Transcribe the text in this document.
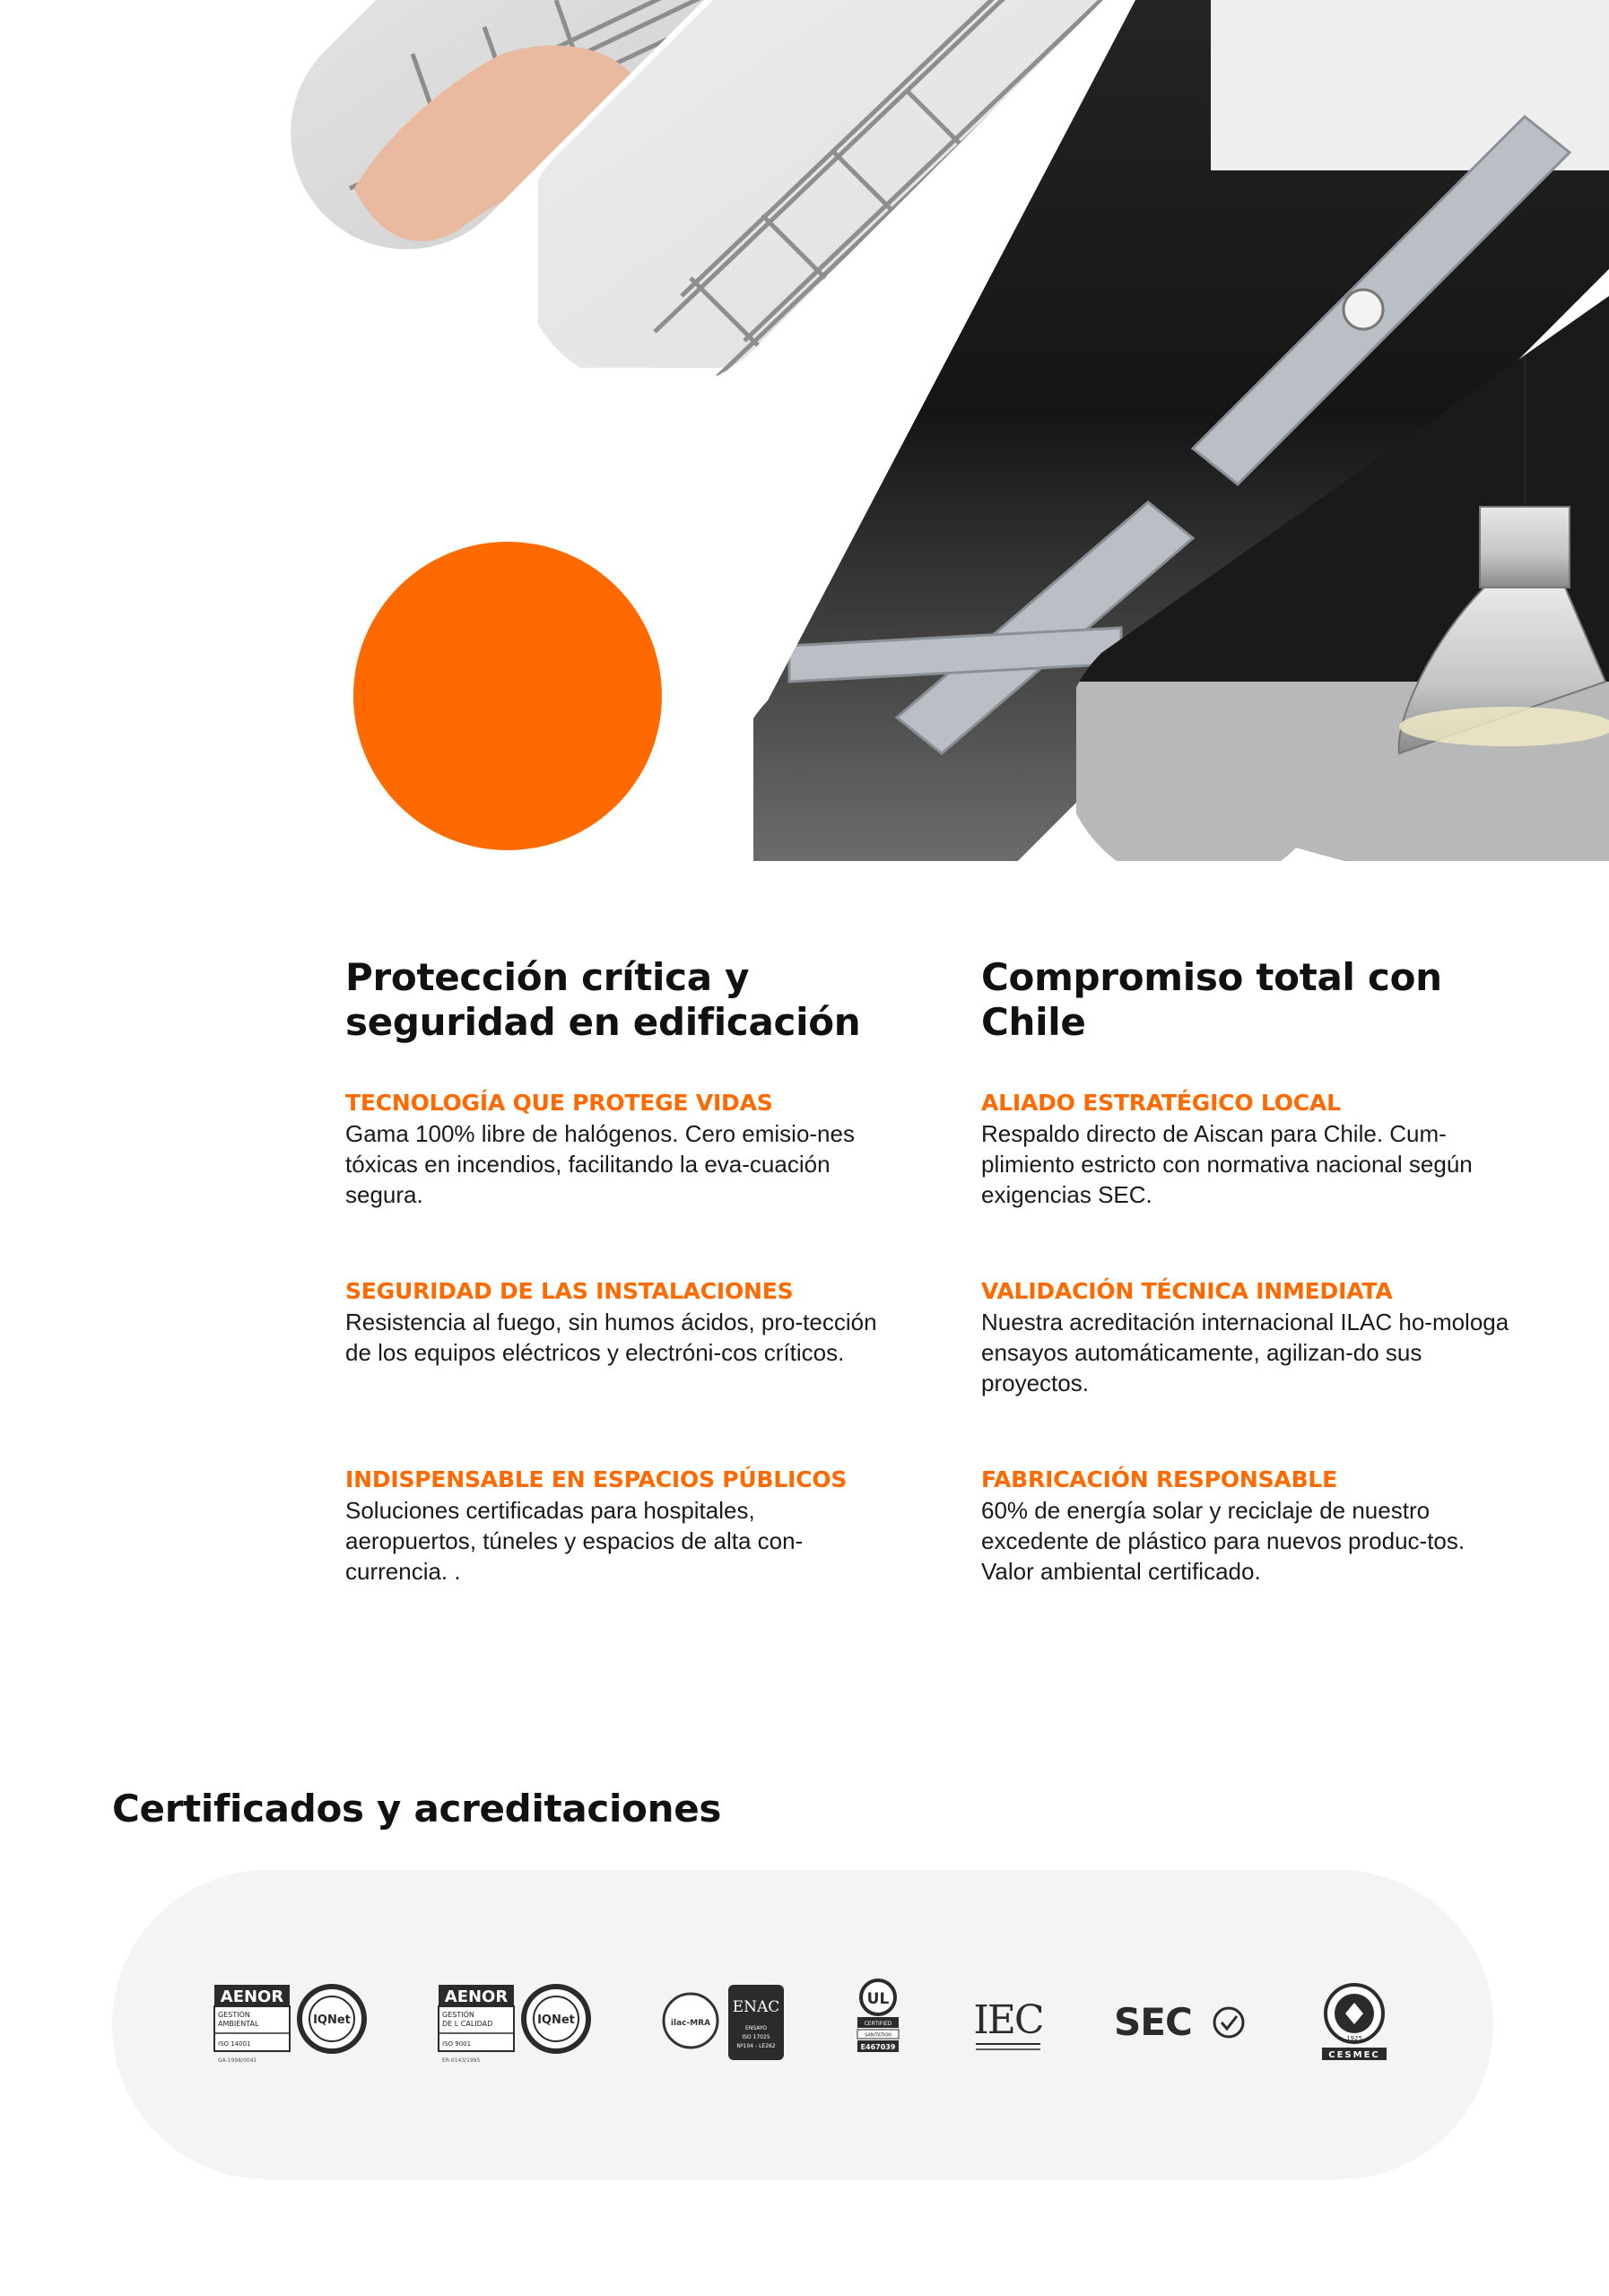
Protección crítica y seguridad en edificación
TECNOLOGÍA QUE PROTEGE VIDAS

Gama 100% libre de halógenos. Cero emisio-nes tóxicas en incendios, facilitando la eva-cuación segura.

SEGURIDAD DE LAS INSTALACIONES

Resistencia al fuego, sin humos ácidos, pro-tección de los equipos eléctricos y electróni-cos críticos.

INDISPENSABLE EN ESPACIOS PÚBLICOS

Soluciones certificadas para hospitales, aeropuertos, túneles y espacios de alta con-currencia. .

Compromiso total con Chile
ALIADO ESTRATÉGICO LOCAL

Respaldo directo de Aiscan para Chile. Cum-plimiento estricto con normativa nacional según exigencias SEC.

VALIDACIÓN TÉCNICA INMEDIATA

Nuestra acreditación internacional ILAC ho-mologa ensayos automáticamente, agilizan-do sus proyectos.

FABRICACIÓN RESPONSABLE

60% de energía solar y reciclaje de nuestro excedente de plástico para nuevos produc-tos. Valor ambiental certificado.

Certificados y acreditaciones
AENOR
GESTIÓN
AMBIENTAL
ISO 14001
GA-1998/0041
IQNet
AENOR
GESTIÓN
DE L CALIDAD
ISO 9001
ER-0143/1995
IQNet	ilac-MRA
ENAC
ENSAYO
ISO 17025
Nº104 - LE262
UL
CERTIFIED
SANITATION
E467039
IEC SEC	1925
CESMEC
